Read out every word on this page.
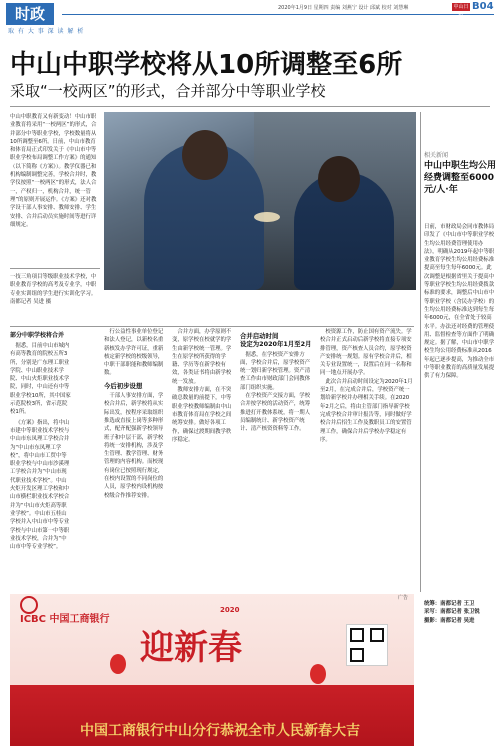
时政
取 有 大 事 深 读 解 析
2020年1月9日 星期四 责编 刘燕宁 设计 邱斌 校对 刘慧琳	中山日报
B04
中山中职学校将从10所调整至6所
采取“一校两区”的形式，合并部分中等职业学校
中山中职教育又有新变动！中山市职业教育将采用“一校两区”的形式，合并部分中等职业学校，学校数量将从10所调整至6所。日前，中山市教育和体育局正式印发关于《中山市中等职业学校布局调整工作方案》的通知（以下简称《方案》）。教学仪器已和机构编制调整完善，学校合并时，教学仪按照“一校两区”的形式，法人合一，产权归一，机构合并，统一管理”的原则开展运作。《方案》还对教学设干部人事安排、教师安排、学生安排、合并后动员实施时间等进行详细规定。
一技三角项目等级职业技术学校，中职业教育学校的高考及专业学，中职专业实训组的学生进行实训化学习。南都记者 吴进 摄
相关新闻
中山中职生均公用经费调整至6000元/人·年
日前，市财政局会同市教体局印发了《中山市中等职业学校生均公用经费管理使用办法》，明确从2019年起中等职业教育学校生均公用经费标准提高至每生每年6000元。此次调整是根据省里关于提高中等职业学校生均公用经费拨款标准的要求，调整后中山市中等职业学校（含民办学校）的生均公用经费标准达到每生每年6000元，在全省处于较高水平。办法还对经费的管理使用、监督检查等方面作了明确规定。据了解，中山市中职学校生均公用经费标准从2016年起已逐步提高，为推动全市中等职业教育的高质量发展提供了有力保障。
统筹：南都记者 王卫
采写：南都记者 张卫锐
摄影：南都记者 吴进
部分中职学校将合并

据悉，目前中山市城内有高等教育的院校五所3所，分别是广东理工职业学院、中山职业技术学院、中山火炬职业技术学院，同时，中山还有中等职业学校10所，其中国家示范院校3所，省示范院校1所。

《方案》指出，将中山市建中等职业技术学校与中山市东凤理工学校合并为“中山市东凤理工学校”，将中山市工贸中等职业学校与中山市沙溪理工学校合并为“中山市现代职业技术学校”。中山火炬开发区理工学校和中山市横栏职业技术学校合并为“中山市火炬高等职业学校”。中山市五桂山学校并入中山市中等专业学校与中山市第一中等职业技术学校，合并为“中山市中等专业学校”。

行公益性事业单位登记和法人登记，以新校名重新核发办学许可证，重新核定新学校的校级领导，中职干部职能和教师编制数。

今后初步设想

干部人事安排方面，学校合并后，新学校将从实际出发，按程序采取组织推选或直接上岗等多种形式，配齐配强新学校领导班子和中层干部，新学校将统一安排机构，涉及学生管理、教学管理、财务管理的内容机构。而校现有岗位已按照现行规定，在校内设置的不同岗位的人员，原学校内设机构按校级合作推荐安排。

合并方面，办学原则不变，原学校在校就学的学生由新学校统一管理。学生在原学校所获得的学籍、学历等在新学校有效，各类证书将由新学校统一发放。

教师安排方面，在不突破总数量的前提下，中等职业学校教师编制由中山市教育体育局在学校之间统筹安排。做好各项工作，确保过渡期间教学秩序稳定。

合并启动时间
设定为2020年1月至2月

据悉，在学校资产安排方面，学校合并后，原学校资产统一划归新学校管理。资产清查工作由市财政部门会同教体部门组织实施。

在学校资产交接方面，学校合并按学校的活动资产，统筹推进打开教体系统，将一期人员编制统计、新学校资产统计、清产核资资料等工作。

校资源工作，防止国有资产流失。学校合并正式启动后新学校将直接专项安排管理，资产核查人员合约，原学校资产安排统一规划。原有学校合并后，相关专业设置统一，设置后在同一名称和同一地点开展办学。

此次合并启动时间设定为2020年1月至2月，在完成合并后，学校资产统一划给新学校并办理相关手续。在2020年2月之后，将由主管部门指导新学校完成学校合并审计报告等，同时做好学校合并后招生工作及教职员工的安置管理工作，确保合并后学校办学稳定有序。

ICBC 中国工商银行
2020
迎新春
中国工商银行中山分行恭祝全市人民新春大吉
广告
